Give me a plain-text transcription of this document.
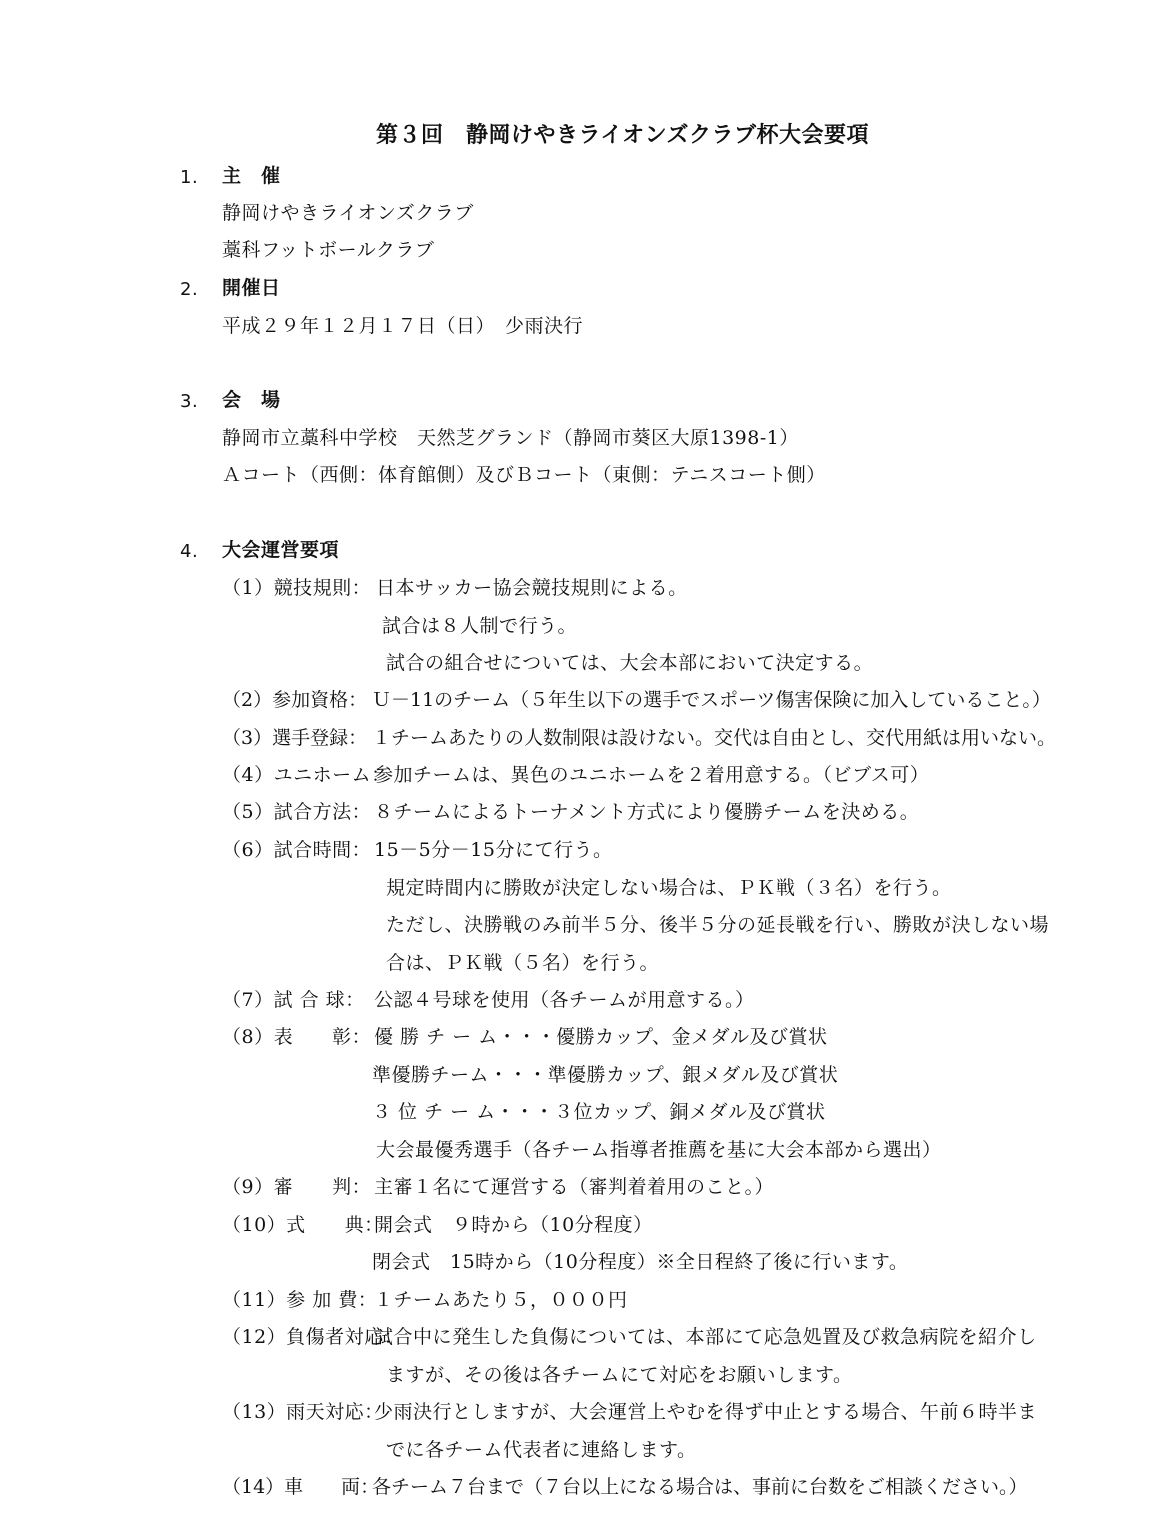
第３回　静岡けやきライオンズクラブ杯大会要項
1. 主　催
静岡けやきライオンズクラブ
藁科フットボールクラブ
2. 開催日
平成２９年１２月１７日（日）　少雨決行
3. 会　場
静岡市立藁科中学校　天然芝グランド（静岡市葵区大原1398-1）
Ａコート（西側：体育館側）及びＢコート（東側：テニスコート側）
4. 大会運営要項
（1）競技規則： 日本サッカー協会競技規則による。
試合は８人制で行う。
試合の組合せについては、大会本部において決定する。
（2）参加資格： Ｕ－11のチーム（５年生以下の選手でスポーツ傷害保険に加入していること。）
（3）選手登録： １チームあたりの人数制限は設けない。交代は自由とし、交代用紙は用いない。
（4）ユニホーム：
参加チームは、異色のユニホームを２着用意する。（ビブス可）
（5）試合方法： ８チームによるトーナメント方式により優勝チームを決める。
（6）試合時間： 15－5分－15分にて行う。
規定時間内に勝敗が決定しない場合は、ＰＫ戦（３名）を行う。
ただし、決勝戦のみ前半５分、後半５分の延長戦を行い、勝敗が決しない場
合は、ＰＫ戦（５名）を行う。
（7）試 合 球： 公認４号球を使用（各チームが用意する。）
（8）表　　彰： 優 勝 チ ー ム・・・優勝カップ、金メダル及び賞状
準優勝チーム・・・準優勝カップ、銀メダル及び賞状
３ 位 チ ー ム・・・３位カップ、銅メダル及び賞状
大会最優秀選手（各チーム指導者推薦を基に大会本部から選出）
（9）審　　判： 主審１名にて運営する（審判着着用のこと。）
（10）式　　典：
開会式　９時から（10分程度）
閉会式　15時から（10分程度）※全日程終了後に行います。
（11）参 加 費：
１チームあたり５，０００円
（12）負傷者対応：
試合中に発生した負傷については、本部にて応急処置及び救急病院を紹介し
ますが、その後は各チームにて対応をお願いします。
（13）雨天対応：
少雨決行としますが、大会運営上やむを得ず中止とする場合、午前６時半ま
でに各チーム代表者に連絡します。
（14）車　　両：
各チーム７台まで（７台以上になる場合は、事前に台数をご相談ください。）
